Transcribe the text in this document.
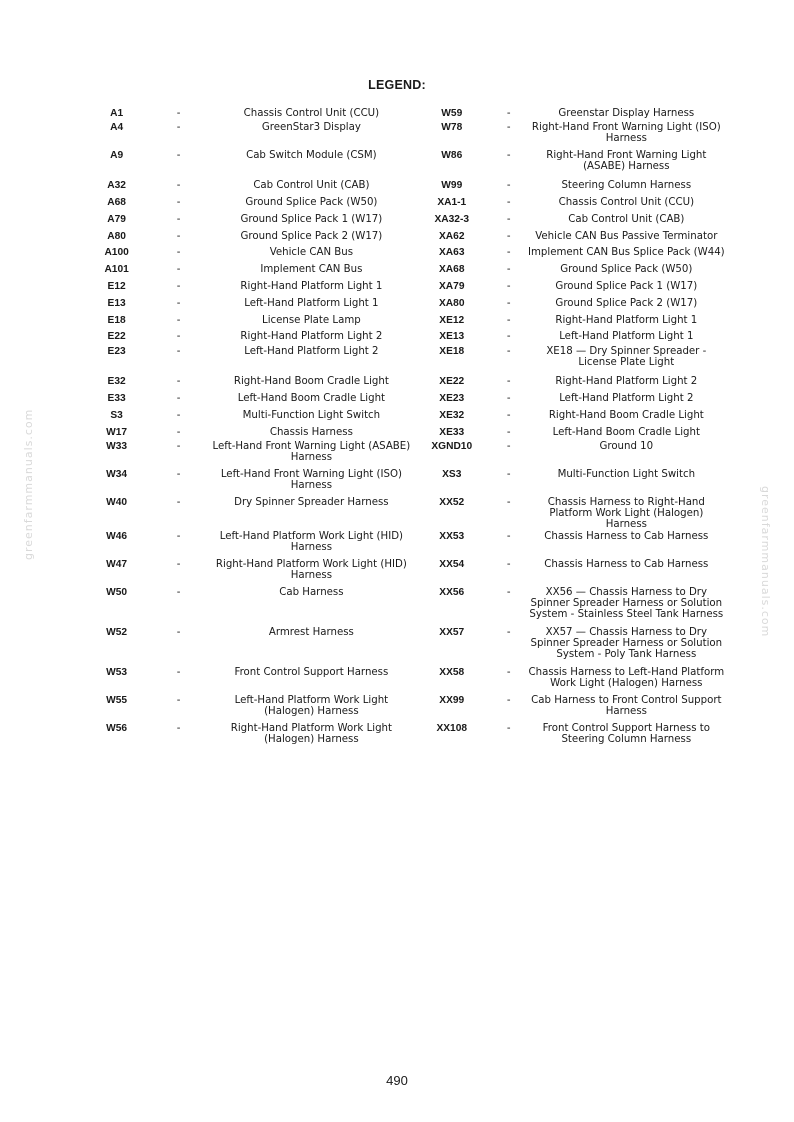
LEGEND:
A1	-	Chassis Control Unit (CCU)	W59	-	Greenstar Display Harness
A4	-	GreenStar3 Display	W78	-	Right-Hand Front Warning Light (ISO) Harness
A9	-	Cab Switch Module (CSM)	W86	-	Right-Hand Front Warning Light (ASABE) Harness
A32	-	Cab Control Unit (CAB)	W99	-	Steering Column Harness
A68	-	Ground Splice Pack (W50)	XA1-1	-	Chassis Control Unit (CCU)
A79	-	Ground Splice Pack 1 (W17)	XA32-3	-	Cab Control Unit (CAB)
A80	-	Ground Splice Pack 2 (W17)	XA62	-	Vehicle CAN Bus Passive Terminator
A100	-	Vehicle CAN Bus	XA63	-	Implement CAN Bus Splice Pack (W44)
A101	-	Implement CAN Bus	XA68	-	Ground Splice Pack (W50)
E12	-	Right-Hand Platform Light 1	XA79	-	Ground Splice Pack 1 (W17)
E13	-	Left-Hand Platform Light 1	XA80	-	Ground Splice Pack 2 (W17)
E18	-	License Plate Lamp	XE12	-	Right-Hand Platform Light 1
E22	-	Right-Hand Platform Light 2	XE13	-	Left-Hand Platform Light 1
E23	-	Left-Hand Platform Light 2	XE18	-	XE18 — Dry Spinner Spreader - License Plate Light
E32	-	Right-Hand Boom Cradle Light	XE22	-	Right-Hand Platform Light 2
E33	-	Left-Hand Boom Cradle Light	XE23	-	Left-Hand Platform Light 2
S3	-	Multi-Function Light Switch	XE32	-	Right-Hand Boom Cradle Light
W17	-	Chassis Harness	XE33	-	Left-Hand Boom Cradle Light
W33	-	Left-Hand Front Warning Light (ASABE) Harness	XGND10	-	Ground 10
W34	-	Left-Hand Front Warning Light (ISO) Harness	XS3	-	Multi-Function Light Switch
W40	-	Dry Spinner Spreader Harness	XX52	-	Chassis Harness to Right-Hand Platform Work Light (Halogen) Harness
W46	-	Left-Hand Platform Work Light (HID) Harness	XX53	-	Chassis Harness to Cab Harness
W47	-	Right-Hand Platform Work Light (HID) Harness	XX54	-	Chassis Harness to Cab Harness
W50	-	Cab Harness	XX56	-	XX56 — Chassis Harness to Dry Spinner Spreader Harness or Solution System - Stainless Steel Tank Harness
W52	-	Armrest Harness	XX57	-	XX57 — Chassis Harness to Dry Spinner Spreader Harness or Solution System - Poly Tank Harness
W53	-	Front Control Support Harness	XX58	-	Chassis Harness to Left-Hand Platform Work Light (Halogen) Harness
W55	-	Left-Hand Platform Work Light (Halogen) Harness	XX99	-	Cab Harness to Front Control Support Harness
W56	-	Right-Hand Platform Work Light (Halogen) Harness	XX108	-	Front Control Support Harness to Steering Column Harness
greenfarmmanuals.com
greenfarmmanuals.com
490
